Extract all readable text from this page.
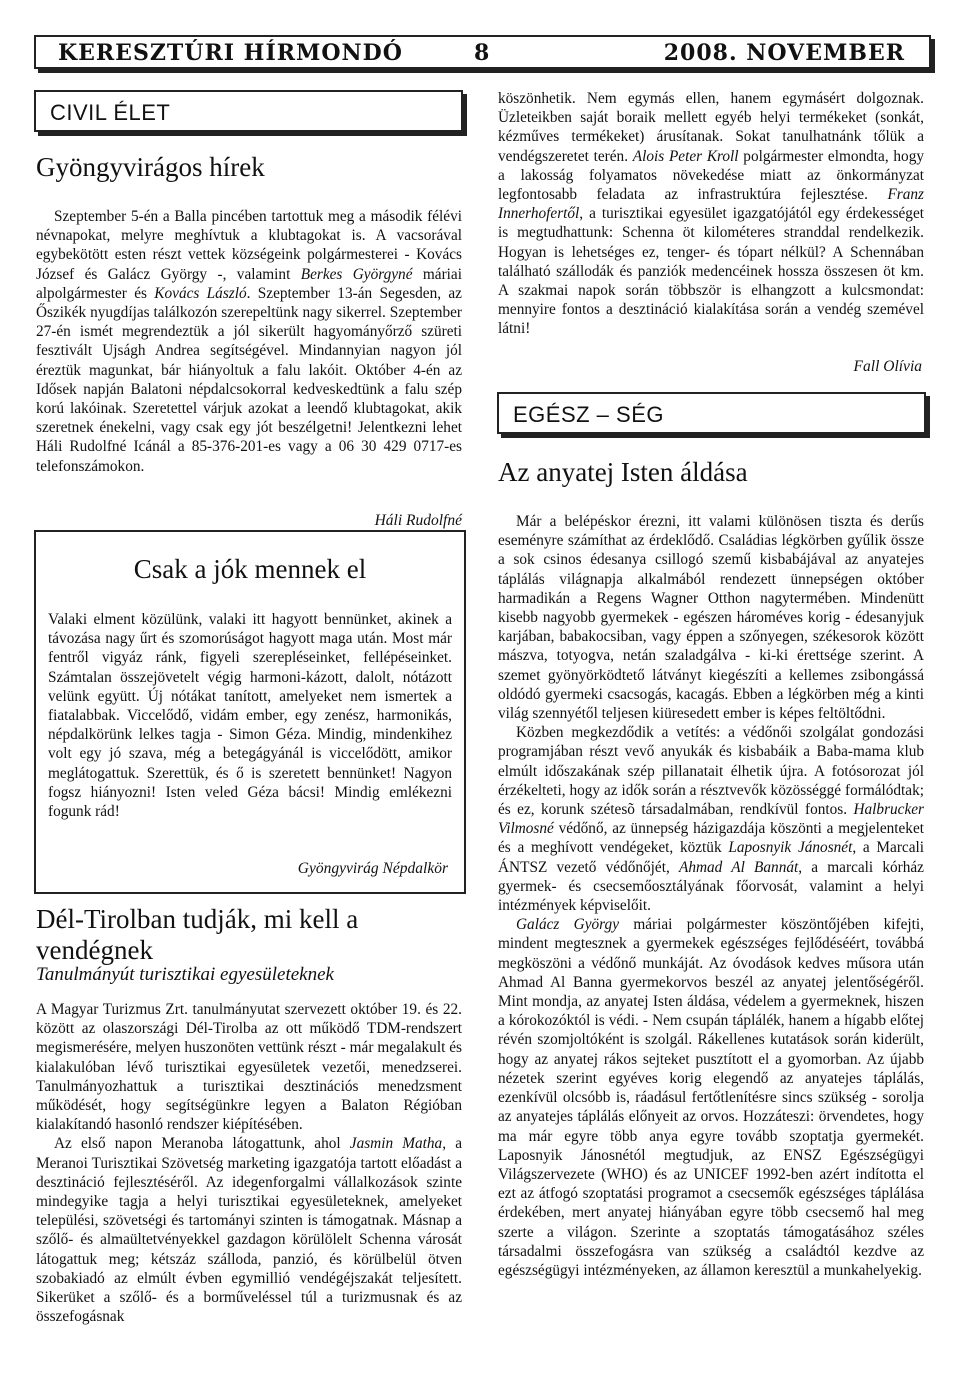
KERESZTÚRI HÍRMONDÓ	8	2008. NOVEMBER
CIVIL ÉLET
Gyöngyvirágos hírek

Szeptember 5-én a Balla pincében tartottuk meg a második félévi névnapokat, melyre meghívtuk a klubtagokat is. A vacsorával egybekötött esten részt vettek községeink polgármesterei - Kovács József és Galácz György -, valamint Berkes Györgyné máriai alpolgármester és Kovács László. Szeptember 13-án Segesden, az Őszikék nyugdíjas találkozón szerepeltünk nagy sikerrel. Szeptember 27-én ismét megrendeztük a jól sikerült hagyományőrző szüreti fesztivált Ujságh Andrea segítségével. Mindannyian nagyon jól éreztük magunkat, bár hiányoltuk a falu lakóit. Október 4-én az Idősek napján Balatoni népdalcsokorral kedveskedtünk a falu szép korú lakóinak. Szeretettel várjuk azokat a leendő klubtagokat, akik szeretnek énekelni, vagy csak egy jót beszélgetni! Jelentkezni lehet Háli Rudolfné Icánál a 85-376-201-es vagy a 06 30 429 0717-es telefonszámokon.

Háli Rudolfné
Csak a jók mennek el

Valaki elment közülünk, valaki itt hagyott bennünket, akinek a távozása nagy űrt és szomorúságot hagyott maga után. Most már fentről vigyáz ránk, figyeli szerepléseinket, fellépéseinket. Számtalan összejövetelt végig harmoni-kázott, dalolt, nótázott velünk együtt. Új nótákat tanított, amelyeket nem ismertek a fiatalabbak. Viccelődő, vidám ember, egy zenész, harmonikás, népdalkörünk lelkes tagja - Simon Géza. Mindig, mindenkihez volt egy jó szava, még a betegágyánál is viccelődött, amikor meglátogattuk. Szerettük, és ő is szeretett bennünket! Nagyon fogsz hiányozni! Isten veled Géza bácsi! Mindig emlékezni fogunk rád!

Gyöngyvirág Népdalkör
Dél-Tirolban tudják, mi kell a vendégnek
Tanulmányút turisztikai egyesületeknek

A Magyar Turizmus Zrt. tanulmányutat szervezett október 19. és 22. között az olaszországi Dél-Tirolba az ott működő TDM-rendszert megismerésére, melyen huszonöten vettünk részt - már megalakult és kialakulóban lévő turisztikai egyesületek vezetői, menedzserei. Tanulmányozhattuk a turisztikai desztinációs menedzsment működését, hogy segítségünkre legyen a Balaton Régióban kialakítandó hasonló rendszer kiépítésében.

Az első napon Meranoba látogattunk, ahol Jasmin Matha, a Meranoi Turisztikai Szövetség marketing igazgatója tartott előadást a desztináció fejlesztéséről. Az idegenforgalmi vállalkozások szinte mindegyike tagja a helyi turisztikai egyesületeknek, amelyeket települési, szövetségi és tartományi szinten is támogatnak. Másnap a szőlő- és almaültetvényekkel gazdagon körülölelt Schenna városát látogattuk meg; kétszáz szálloda, panzió, és körülbelül ötven szobakiadó az elmúlt évben egymillió vendégéjszakát teljesített. Sikerüket a szőlő- és a borműveléssel túl a turizmusnak és az összefogásnak

köszönhetik. Nem egymás ellen, hanem egymásért dolgoznak. Üzleteikben saját boraik mellett egyéb helyi termékeket (sonkát, kézműves termékeket) árusítanak. Sokat tanulhatnánk tőlük a vendégszeretet terén. Alois Peter Kroll polgármester elmondta, hogy a lakosság folyamatos növekedése miatt az önkormányzat legfontosabb feladata az infrastruktúra fejlesztése. Franz Innerhofertől, a turisztikai egyesület igazgatójától egy érdekességet is megtudhattunk: Schenna öt kilométeres stranddal rendelkezik. Hogyan is lehetséges ez, tenger- és tópart nélkül? A Schennában található szállodák és panziók medencéinek hossza összesen öt km. A szakmai napok során többször is elhangzott a kulcsmondat: mennyire fontos a desztináció kialakítása során a vendég szemével látni!

Fall Olívia
EGÉSZ – SÉG
Az anyatej Isten áldása

Már a belépéskor érezni, itt valami különösen tiszta és derűs eseményre számíthat az érdeklődő. Családias légkörben gyűlik össze a sok csinos édesanya csillogó szemű kisbabájával az anyatejes táplálás világnapja alkalmából rendezett ünnepségen október harmadikán a Regens Wagner Otthon nagytermében. Mindenütt kisebb nagyobb gyermekek - egészen hároméves korig - édesanyjuk karjában, babakocsiban, vagy éppen a szőnyegen, székesorok között mászva, totyogva, netán szaladgálva - ki-ki érettsége szerint. A szemet gyönyörködtető látványt kiegészíti a kellemes zsibongássá oldódó gyermeki csacsogás, kacagás. Ebben a légkörben még a kinti világ szennyétől teljesen kiüresedett ember is képes feltöltődni.

Közben megkezdődik a vetítés: a védőnői szolgálat gondozási programjában részt vevő anyukák és kisbabáik a Baba-mama klub elmúlt időszakának szép pillanatait élhetik újra. A fotósorozat jól érzékelteti, hogy az idők során a résztvevők közösséggé formálódtak; és ez, korunk szétesõ társadalmában, rendkívül fontos. Halbrucker Vilmosné védőnő, az ünnepség házigazdája köszönti a megjelenteket és a meghívott vendégeket, köztük Laposnyik Jánosnét, a Marcali ÁNTSZ vezető védőnőjét, Ahmad Al Bannát, a marcali kórház gyermek- és csecsemőosztályának főorvosát, valamint a helyi intézmények képviselőit.

Galácz György máriai polgármester köszöntőjében kifejti, mindent megtesznek a gyermekek egészséges fejlődéséért, továbbá megköszöni a védőnő munkáját. Az óvodások kedves műsora után Ahmad Al Banna gyermekorvos beszél az anyatej jelentőségéről. Mint mondja, az anyatej Isten áldása, védelem a gyermeknek, hiszen a kórokozóktól is védi. - Nem csupán táplálék, hanem a hígabb előtej révén szomjoltóként is szolgál. Rákellenes kutatások során kiderült, hogy az anyatej rákos sejteket pusztított el a gyomorban. Az újabb nézetek szerint egyéves korig elegendő az anyatejes táplálás, ezenkívül olcsóbb is, ráadásul fertőtlenítésre sincs szükség - sorolja az anyatejes táplálás előnyeit az orvos. Hozzáteszi: örvendetes, hogy ma már egyre több anya egyre tovább szoptatja gyermekét. Laposnyik Jánosnétól megtudjuk, az ENSZ Egészségügyi Világszervezete (WHO) és az UNICEF 1992-ben azért indította el ezt az átfogó szoptatási programot a csecsemők egészséges táplálása érdekében, mert anyatej hiányában egyre több csecsemő hal meg szerte a világon. Szerinte a szoptatás támogatásához széles társadalmi összefogásra van szükség a családtól kezdve az egészségügyi intézményeken, az államon keresztül a munkahelyekig.
